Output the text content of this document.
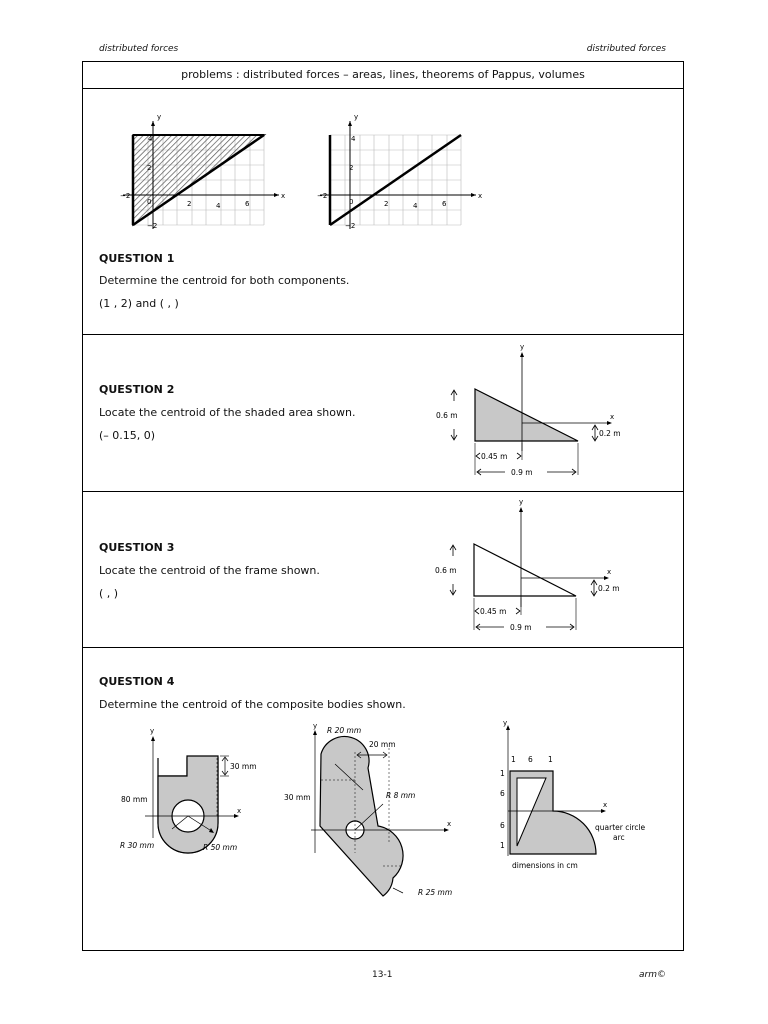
distributed forces	distributed forces
problems : distributed forces – areas, lines, theorems of Pappus, volumes
x
y
4
2
0
−2
−2
2	4	6
x
y
4
2
0
−2
−2
2	4	6
QUESTION 1
Determine the centroid for both components.
(1 , 2) and ( , )
QUESTION 2
Locate the centroid of the shaded area shown.
(– 0.15, 0)
y
x
0.6 m
0.2 m
0.45 m
0.9 m
QUESTION 3
Locate the centroid of the frame shown.
( , )
y
x
0.6 m
0.2 m
0.45 m
0.9 m
QUESTION 4
Determine the centroid of the composite bodies shown.
y
x
30 mm
80 mm
R 30 mm	R 50 mm
y
x
20 mm
R 20 mm
30 mm	R 8 mm
R 25 mm
y
x
1 6 1
1
6
6
1
quarter circle
arc
dimensions in cm
13-1	arm©
